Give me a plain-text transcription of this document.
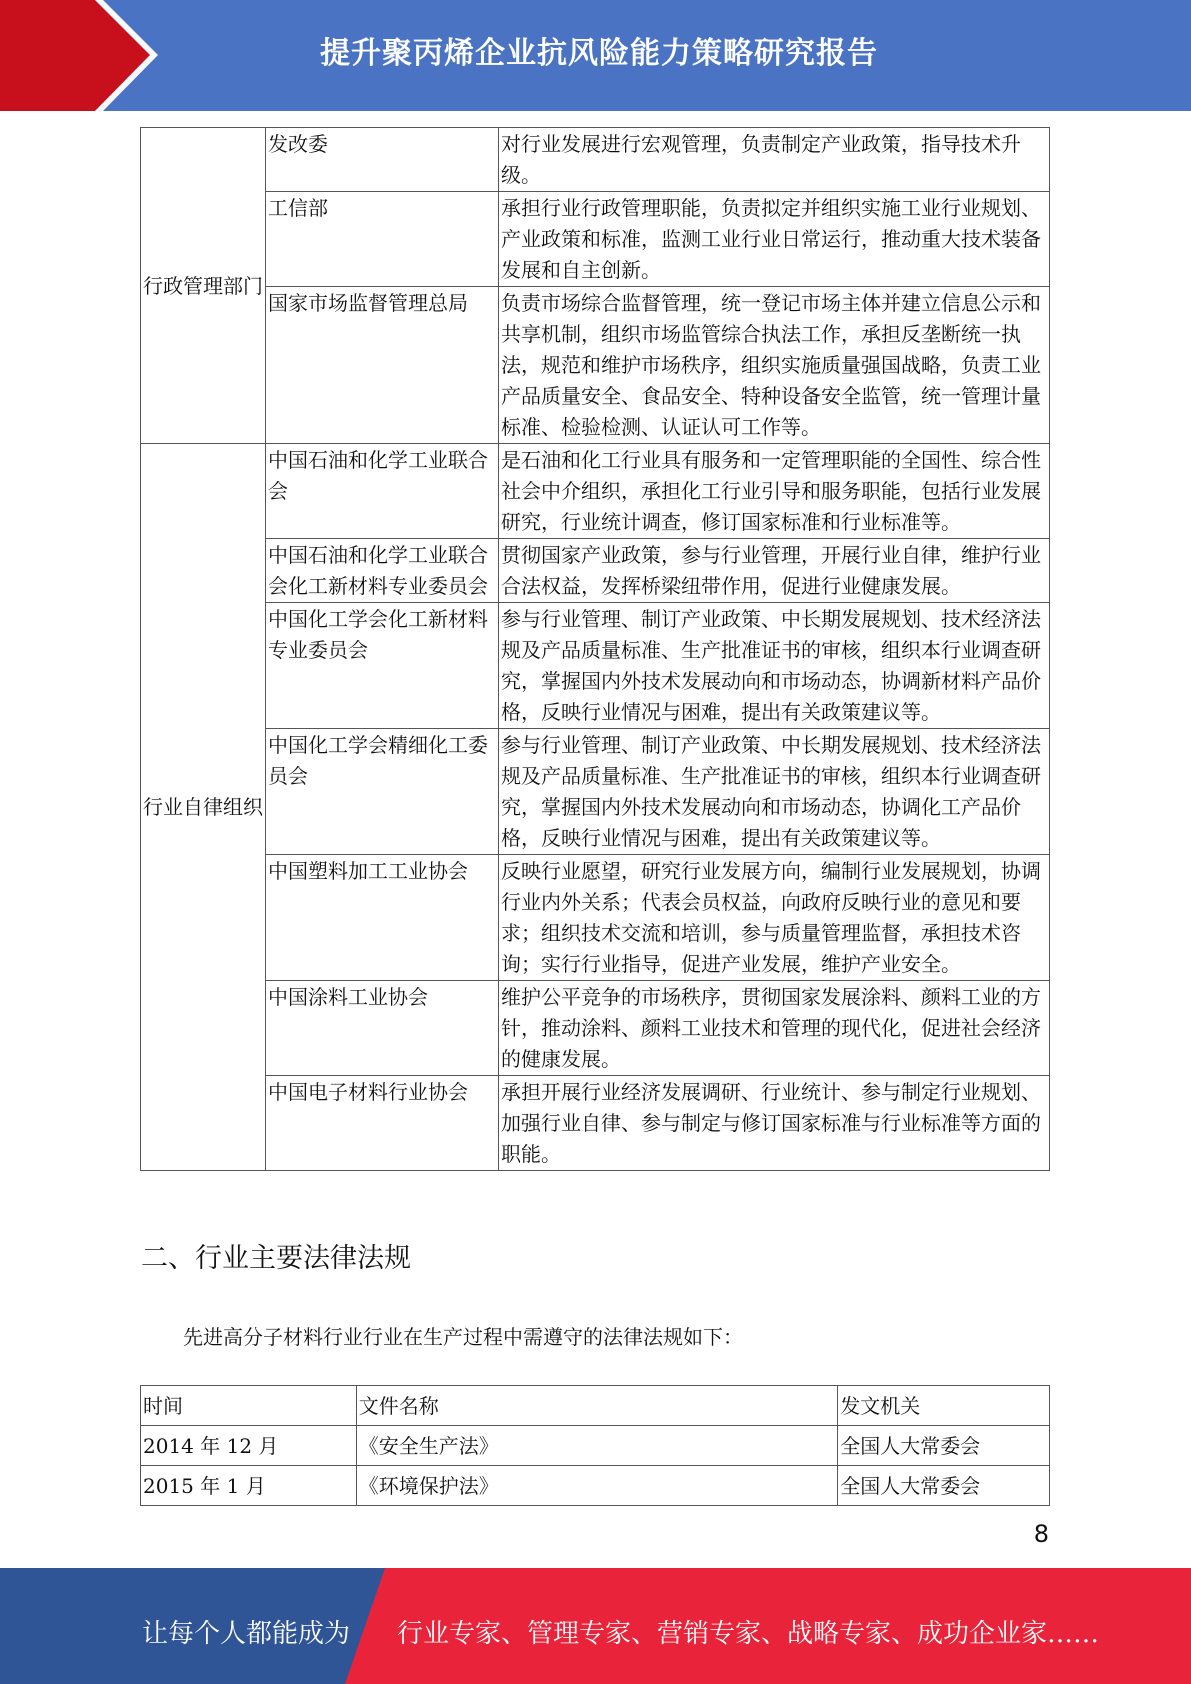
提升聚丙烯企业抗风险能力策略研究报告
行政管理部门	发改委	对行业发展进行宏观管理，负责制定产业政策，指导技术升级。
	工信部	承担行业行政管理职能，负责拟定并组织实施工业行业规划、产业政策和标准，监测工业行业日常运行，推动重大技术装备发展和自主创新。
	国家市场监督管理总局	负责市场综合监督管理，统一登记市场主体并建立信息公示和共享机制，组织市场监管综合执法工作，承担反垄断统一执法，规范和维护市场秩序，组织实施质量强国战略，负责工业产品质量安全、食品安全、特种设备安全监管，统一管理计量标准、检验检测、认证认可工作等。
行业自律组织	中国石油和化学工业联合会	是石油和化工行业具有服务和一定管理职能的全国性、综合性社会中介组织，承担化工行业引导和服务职能，包括行业发展研究，行业统计调查，修订国家标准和行业标准等。
	中国石油和化学工业联合会化工新材料专业委员会	贯彻国家产业政策，参与行业管理，开展行业自律，维护行业合法权益，发挥桥梁纽带作用，促进行业健康发展。
	中国化工学会化工新材料专业委员会	参与行业管理、制订产业政策、中长期发展规划、技术经济法规及产品质量标准、生产批准证书的审核，组织本行业调查研究，掌握国内外技术发展动向和市场动态，协调新材料产品价格，反映行业情况与困难，提出有关政策建议等。
	中国化工学会精细化工委员会	参与行业管理、制订产业政策、中长期发展规划、技术经济法规及产品质量标准、生产批准证书的审核，组织本行业调查研究，掌握国内外技术发展动向和市场动态，协调化工产品价格，反映行业情况与困难，提出有关政策建议等。
	中国塑料加工工业协会	反映行业愿望，研究行业发展方向，编制行业发展规划，协调行业内外关系；代表会员权益，向政府反映行业的意见和要求；组织技术交流和培训，参与质量管理监督，承担技术咨询；实行行业指导，促进产业发展，维护产业安全。
	中国涂料工业协会	维护公平竞争的市场秩序，贯彻国家发展涂料、颜料工业的方针，推动涂料、颜料工业技术和管理的现代化，促进社会经济的健康发展。
	中国电子材料行业协会	承担开展行业经济发展调研、行业统计、参与制定行业规划、加强行业自律、参与制定与修订国家标准与行业标准等方面的职能。
二、行业主要法律法规
先进高分子材料行业行业在生产过程中需遵守的法律法规如下：
时间	文件名称	发文机关
2014 年 12 月	《安全生产法》	全国人大常委会
2015 年 1 月	《环境保护法》	全国人大常委会
8
让每个人都能成为 行业专家、管理专家、营销专家、战略专家、成功企业家……
